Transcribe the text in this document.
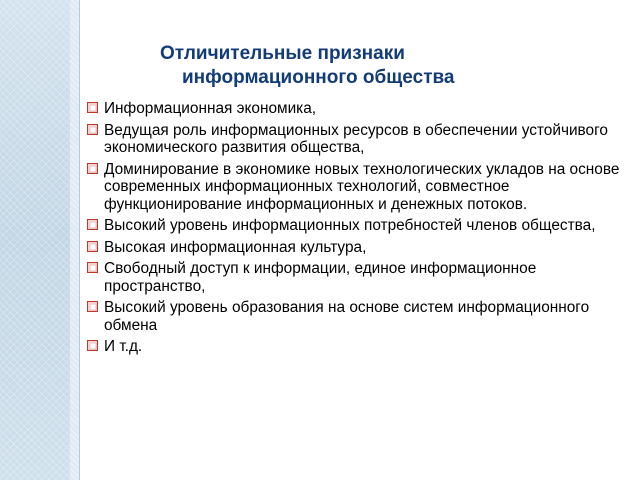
Отличительные признаки
информационного общества
Информационная экономика,
Ведущая роль информационных ресурсов в обеспечении устойчивого экономического развития общества,
Доминирование в экономике новых технологических укладов на основе современных информационных технологий, совместное функционирование информационных и денежных потоков.
Высокий уровень информационных потребностей членов общества,
Высокая информационная культура,
Свободный доступ к информации, единое информационное пространство,
Высокий уровень образования на основе систем информационного обмена
И т.д.
